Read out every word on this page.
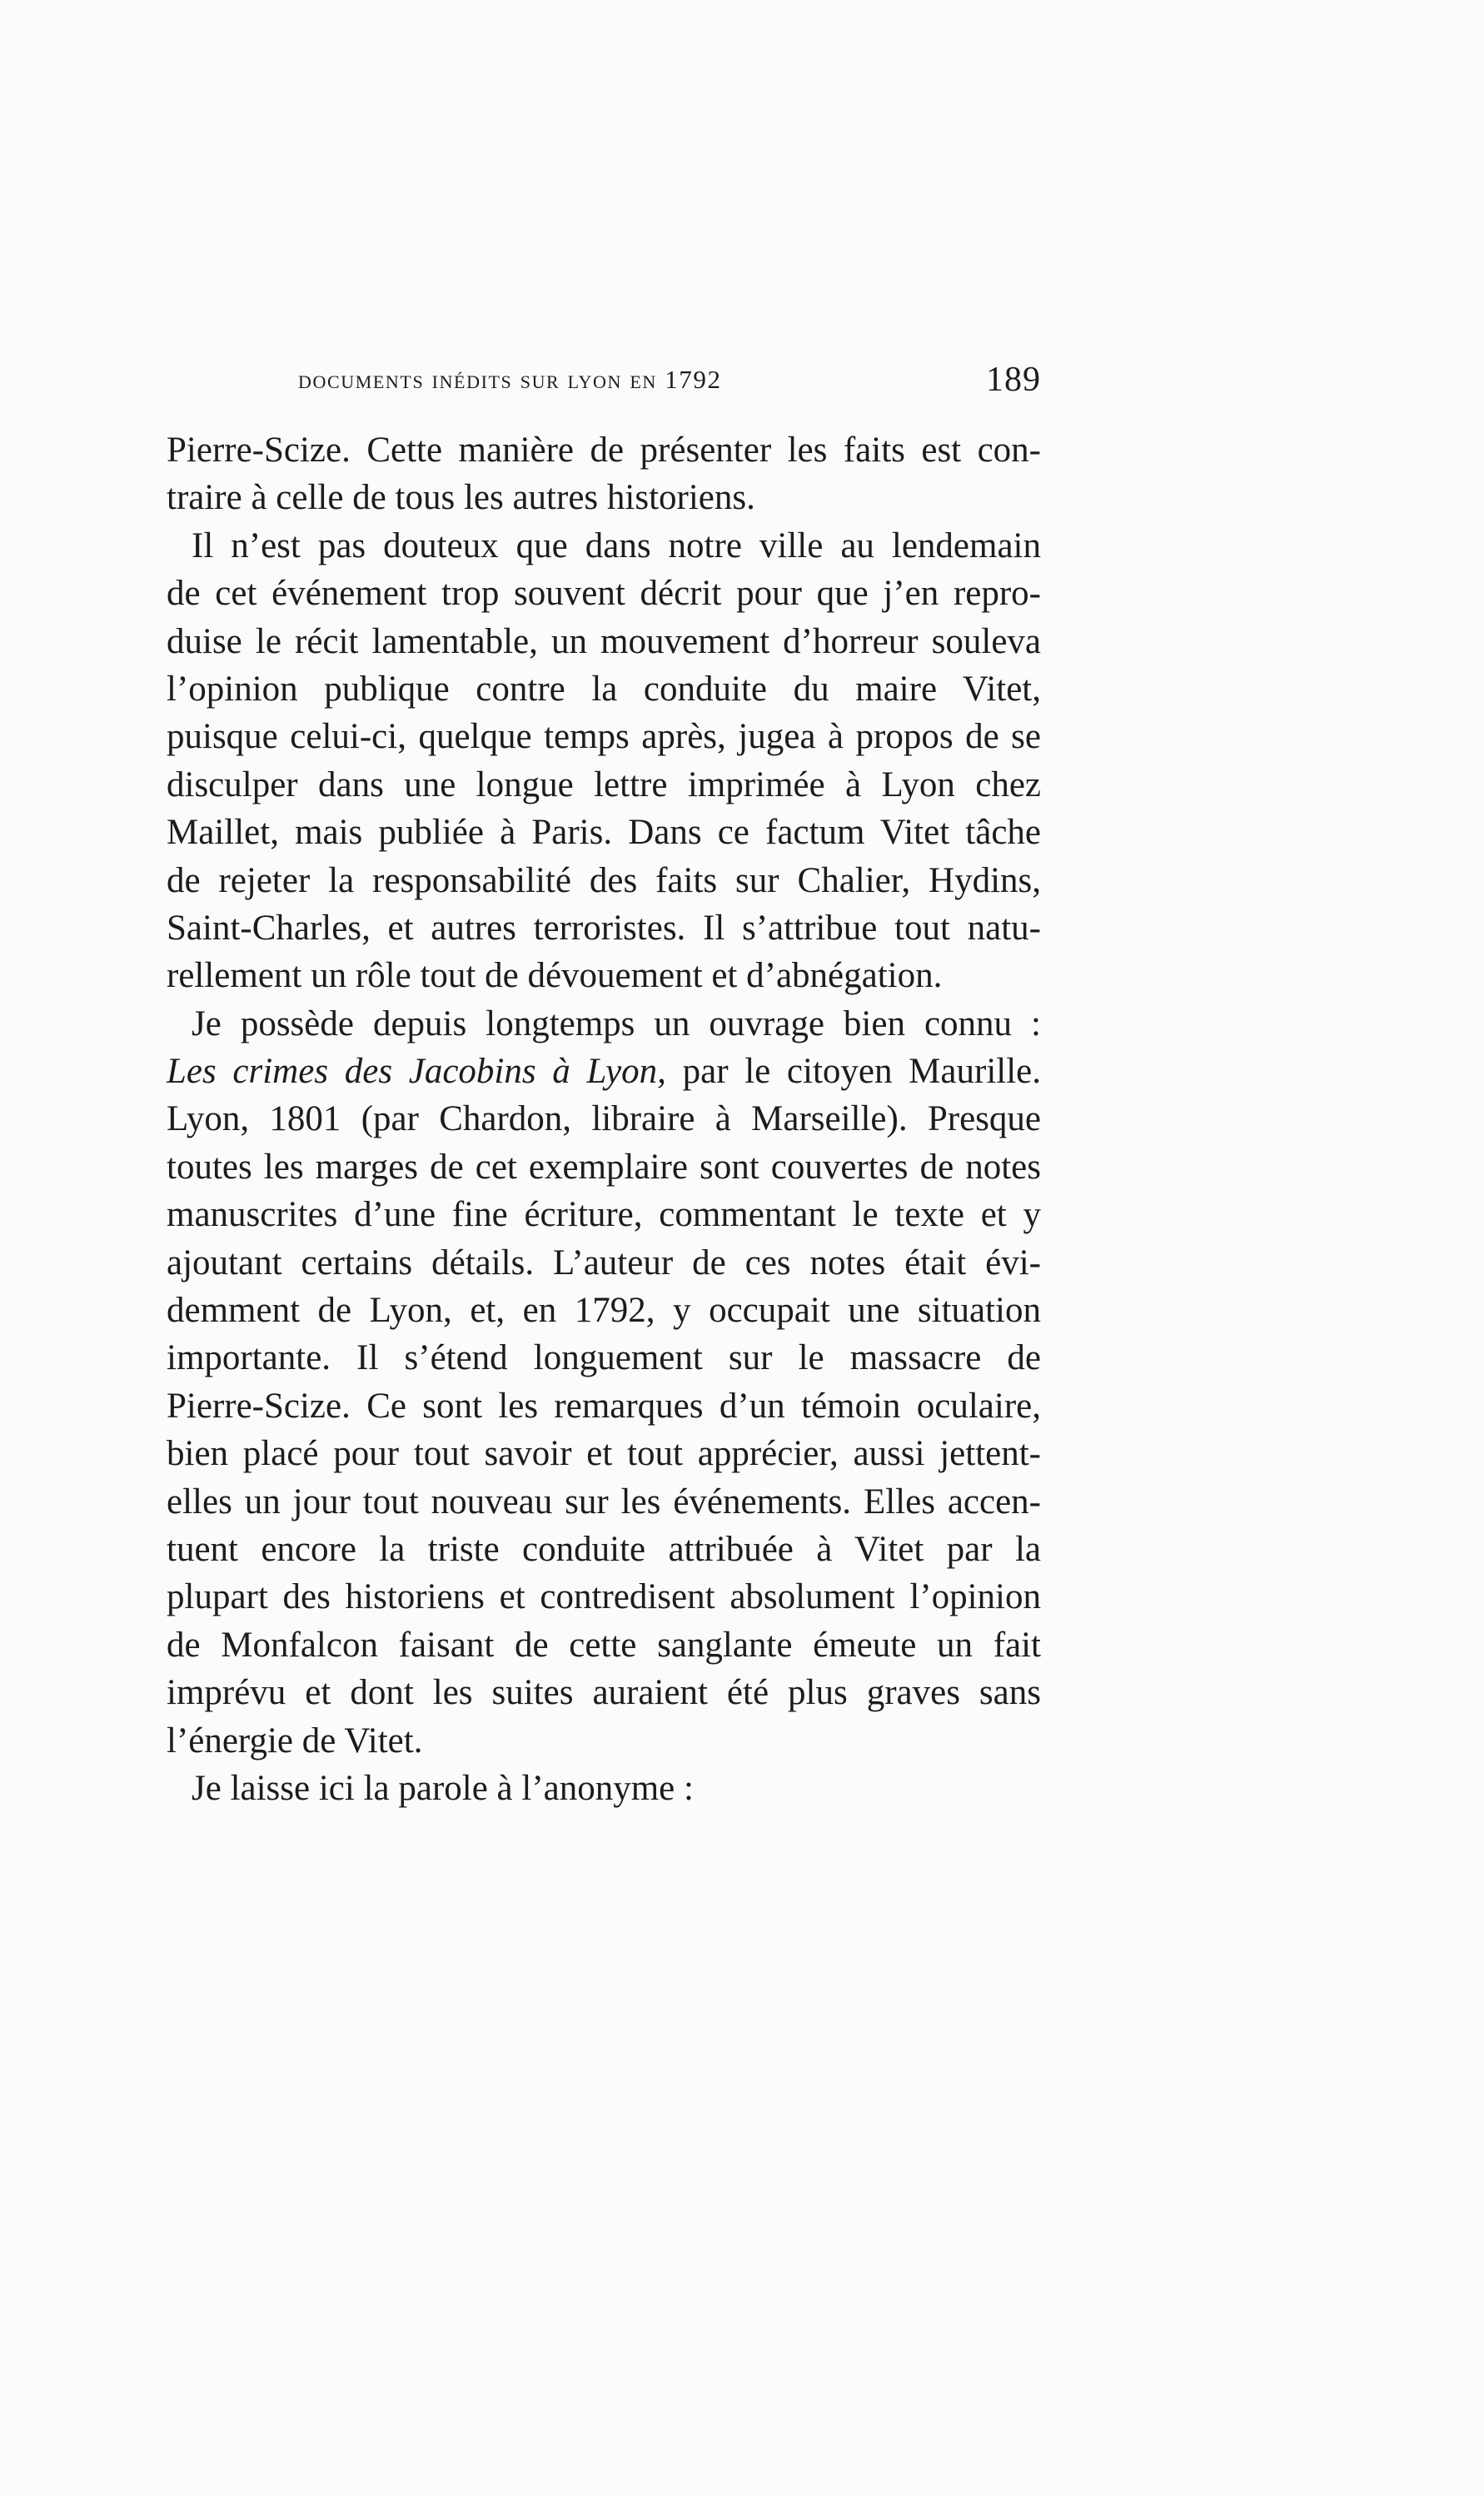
documents inédits sur lyon en 1792	189
Pierre-Scize. Cette manière de présenter les faits est con-
traire à celle de tous les autres historiens.
Il n’est pas douteux que dans notre ville au lendemain
de cet événement trop souvent décrit pour que j’en repro-
duise le récit lamentable, un mouvement d’horreur souleva
l’opinion publique contre la conduite du maire Vitet,
puisque celui-ci, quelque temps après, jugea à propos de se
disculper dans une longue lettre imprimée à Lyon chez
Maillet, mais publiée à Paris. Dans ce factum Vitet tâche
de rejeter la responsabilité des faits sur Chalier, Hydins,
Saint-Charles, et autres terroristes. Il s’attribue tout natu-
rellement un rôle tout de dévouement et d’abnégation.
Je possède depuis longtemps un ouvrage bien connu :
Les crimes des Jacobins à Lyon, par le citoyen Maurille.
Lyon, 1801 (par Chardon, libraire à Marseille). Presque
toutes les marges de cet exemplaire sont couvertes de notes
manuscrites d’une fine écriture, commentant le texte et y
ajoutant certains détails. L’auteur de ces notes était évi-
demment de Lyon, et, en 1792, y occupait une situation
importante. Il s’étend longuement sur le massacre de
Pierre-Scize. Ce sont les remarques d’un témoin oculaire,
bien placé pour tout savoir et tout apprécier, aussi jettent-
elles un jour tout nouveau sur les événements. Elles accen-
tuent encore la triste conduite attribuée à Vitet par la
plupart des historiens et contredisent absolument l’opinion
de Monfalcon faisant de cette sanglante émeute un fait
imprévu et dont les suites auraient été plus graves sans
l’énergie de Vitet.
Je laisse ici la parole à l’anonyme :
